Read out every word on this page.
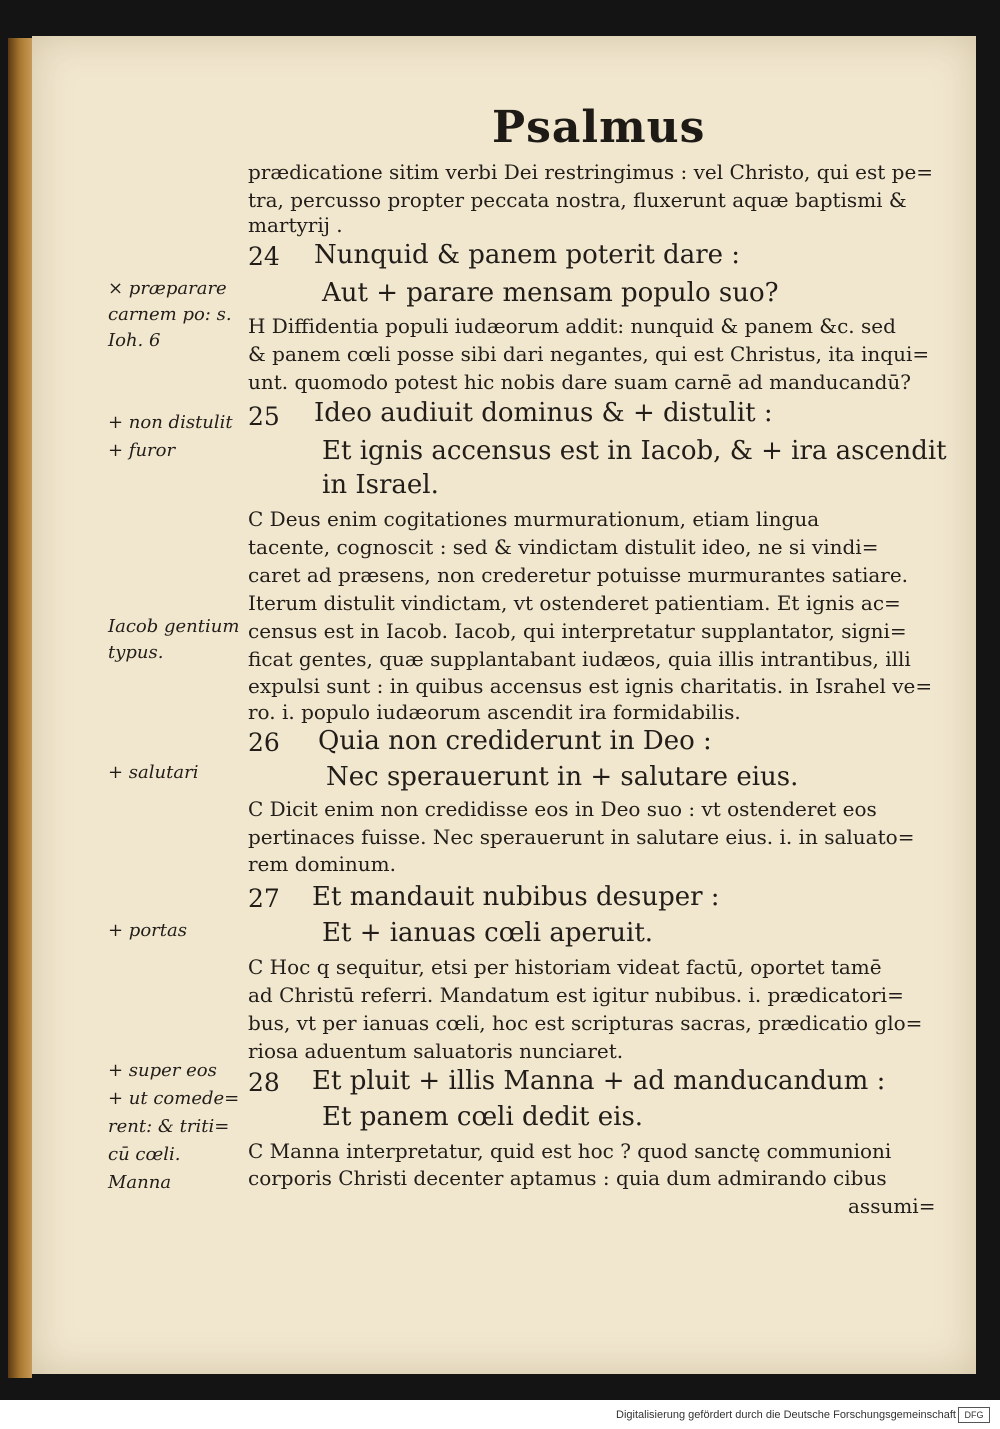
Psalmus
prædicatione sitim verbi Dei restringimus : vel Christo, qui est pe=
tra, percusso propter peccata nostra, fluxerunt aquæ baptismi &
martyrij .
24 Nunquid & panem poterit dare :
Aut + parare mensam populo suo?
H Diffidentia populi iudæorum addit: nunquid & panem &c. sed
& panem cœli posse sibi dari negantes, qui est Christus, ita inqui=
unt. quomodo potest hic nobis dare suam carnē ad manducandū?
25 Ideo audiuit dominus & + distulit :
Et ignis accensus est in Iacob, & + ira ascendit
in Israel.
C Deus enim cogitationes murmurationum, etiam lingua
tacente, cognoscit : sed & vindictam distulit ideo, ne si vindi=
caret ad præsens, non crederetur potuisse murmurantes satiare.
Iterum distulit vindictam, vt ostenderet patientiam. Et ignis ac=
census est in Iacob. Iacob, qui interpretatur supplantator, signi=
ficat gentes, quæ supplantabant iudæos, quia illis intrantibus, illi
expulsi sunt : in quibus accensus est ignis charitatis. in Israhel ve=
ro. i. populo iudæorum ascendit ira formidabilis.
26 Quia non crediderunt in Deo :
Nec sperauerunt in + salutare eius.
C Dicit enim non credidisse eos in Deo suo : vt ostenderet eos
pertinaces fuisse. Nec sperauerunt in salutare eius. i. in saluato=
rem dominum.
27 Et mandauit nubibus desuper :
Et + ianuas cœli aperuit.
C Hoc q sequitur, etsi per historiam videat factū, oportet tamē
ad Christū referri. Mandatum est igitur nubibus. i. prædicatori=
bus, vt per ianuas cœli, hoc est scripturas sacras, prædicatio glo=
riosa aduentum saluatoris nunciaret.
28 Et pluit + illis Manna + ad manducandum :
Et panem cœli dedit eis.
C Manna interpretatur, quid est hoc ? quod sanctę communioni
corporis Christi decenter aptamus : quia dum admirando cibus
assumi=
× præparare
carnem po: s.
Ioh. 6
+ non distulit
+ furor
Iacob gentium
typus.
+ salutari
+ portas
+ super eos
+ ut comede=
rent: & triti=
cū cœli.
Manna
Digitalisierung gefördert durch die Deutsche Forschungsgemeinschaft DFG
